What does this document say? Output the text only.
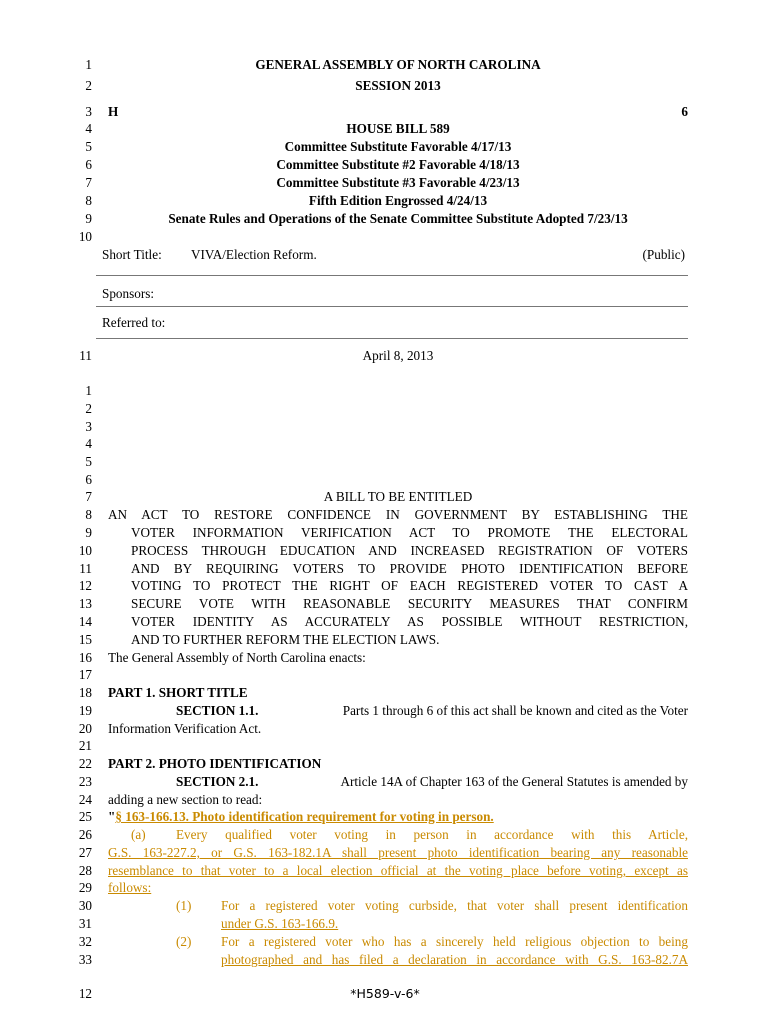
1
2
3
4
5
6
7
8
9
10
11
GENERAL ASSEMBLY OF NORTH CAROLINA
SESSION 2013
H	6
HOUSE BILL 589
Committee Substitute Favorable 4/17/13
Committee Substitute #2 Favorable 4/18/13
Committee Substitute #3 Favorable 4/23/13
Fifth Edition Engrossed 4/24/13
Senate Rules and Operations of the Senate Committee Substitute Adopted 7/23/13
Short Title: VIVA/Election Reform.	(Public)
Sponsors:
Referred to:
April 8, 2013
1
2
3
4
5
6
7
8
9
10
11
12
13
14
15
16
17
18
19
20
21
22
23
24
25
26
27
28
29
30
31
32
33
A BILL TO BE ENTITLED
AN ACT TO RESTORE CONFIDENCE IN GOVERNMENT BY ESTABLISHING THE
VOTER INFORMATION VERIFICATION ACT TO PROMOTE THE ELECTORAL
PROCESS THROUGH EDUCATION AND INCREASED REGISTRATION OF VOTERS
AND BY REQUIRING VOTERS TO PROVIDE PHOTO IDENTIFICATION BEFORE
VOTING TO PROTECT THE RIGHT OF EACH REGISTERED VOTER TO CAST A
SECURE VOTE WITH REASONABLE SECURITY MEASURES THAT CONFIRM
VOTER IDENTITY AS ACCURATELY AS POSSIBLE WITHOUT RESTRICTION,
AND TO FURTHER REFORM THE ELECTION LAWS.
The General Assembly of North Carolina enacts:
PART 1. SHORT TITLE
SECTION 1.1.	Parts 1 through 6 of this act shall be known and cited as the Voter
Information Verification Act.
PART 2. PHOTO IDENTIFICATION
SECTION 2.1.	Article 14A of Chapter 163 of the General Statutes is amended by
adding a new section to read:
"§ 163-166.13. Photo identification requirement for voting in person.
(a) Every qualified voter voting in person in accordance with this Article,
G.S. 163-227.2, or G.S. 163-182.1A shall present photo identification bearing any reasonable
resemblance to that voter to a local election official at the voting place before voting, except as
follows:
(1) For a registered voter voting curbside, that voter shall present identification
under G.S. 163-166.9.
(2) For a registered voter who has a sincerely held religious objection to being
photographed and has filed a declaration in accordance with G.S. 163-82.7A
12	*H589-v-6*
